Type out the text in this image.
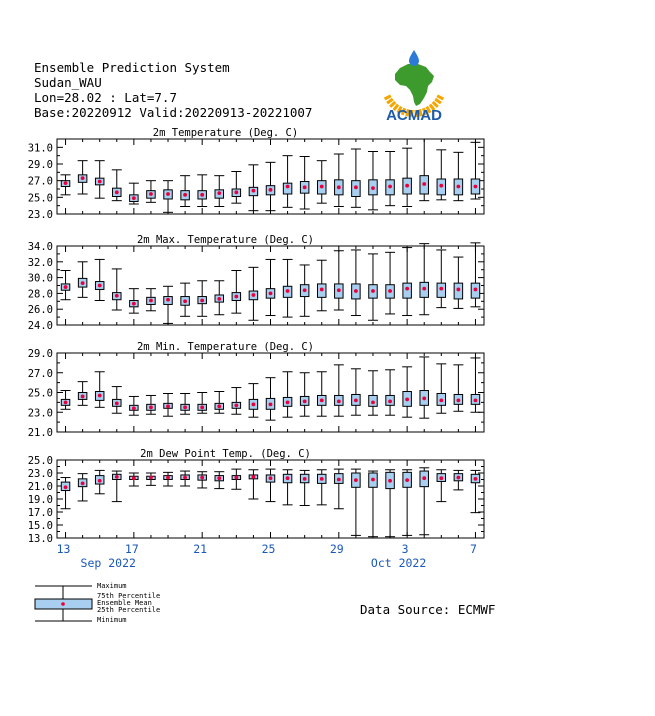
Ensemble Prediction System
Sudan_WAU
Lon=28.02 : Lat=7.7
Base:20220912 Valid:20220913-20221007	ACMAD
2m Temperature (Deg. C)
23.0
25.0
27.0
29.0
31.0
2m Max. Temperature (Deg. C)
24.0
26.0
28.0
30.0
32.0
34.0
2m Min. Temperature (Deg. C)
21.0
23.0
25.0
27.0
29.0
2m Dew Point Temp. (Deg. C)
13.0
15.0
17.0
19.0
21.0
23.0
25.0
13	17	21	25	29	3	7
Sep 2022	Oct 2022
Maximum
75th Percentile
Ensemble Mean
25th Percentile
Minimum
Data Source: ECMWF
